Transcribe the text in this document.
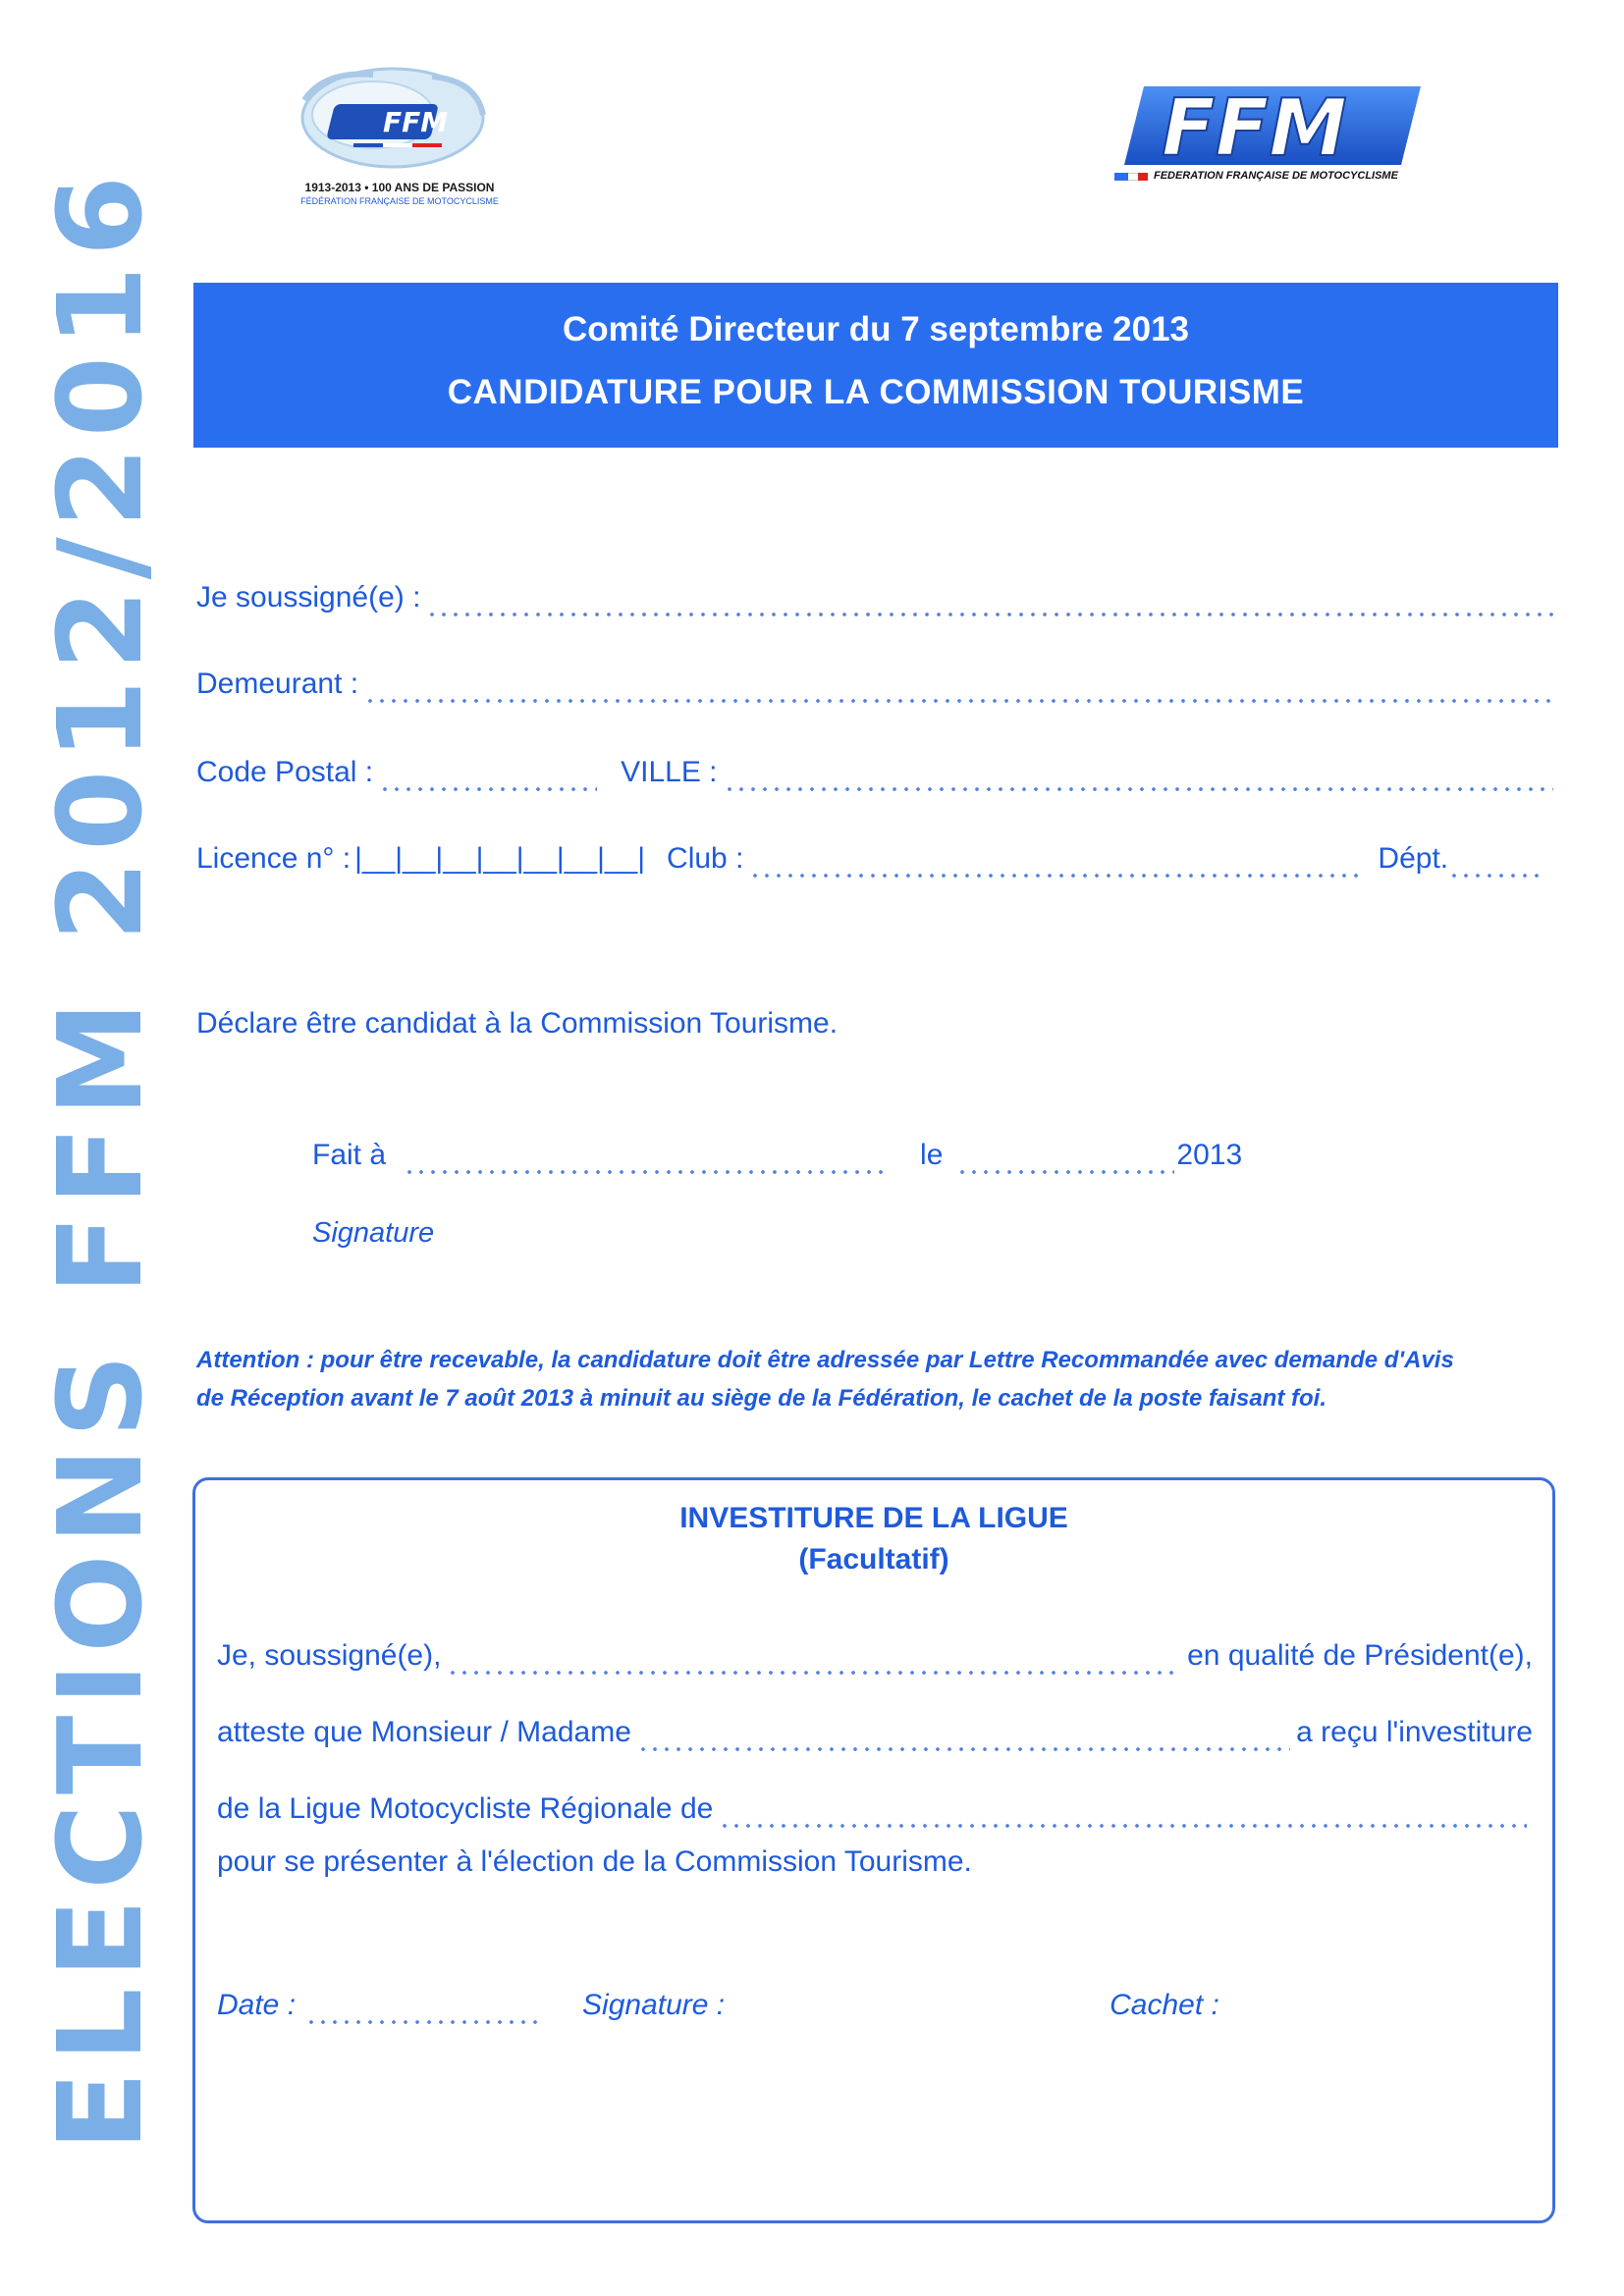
ELECTIONS FFM 2012/2016
FFM
1913-2013 • 100 ANS DE PASSION
FÉDÉRATION FRANÇAISE DE MOTOCYCLISME
FFM
FEDERATION FRANÇAISE DE MOTOCYCLISME
Comité Directeur du 7 septembre 2013
CANDIDATURE POUR LA COMMISSION TOURISME
Je soussigné(e) :
Demeurant :
Code Postal :	VILLE :
Licence n° : |__|__|__|__|__|__|__| Club :	Dépt.
Déclare être candidat à la Commission Tourisme.
Fait à	le	2013
Signature
Attention : pour être recevable, la candidature doit être adressée par Lettre Recommandée avec demande d'Avis
de Réception avant le 7 août 2013 à minuit au siège de la Fédération, le cachet de la poste faisant foi.
INVESTITURE DE LA LIGUE
(Facultatif)
Je, soussigné(e),	en qualité de Président(e),
atteste que Monsieur / Madame	a reçu l'investiture
de la Ligue Motocycliste Régionale de
pour se présenter à l'élection de la Commission Tourisme.
Date :	Signature :	Cachet :
